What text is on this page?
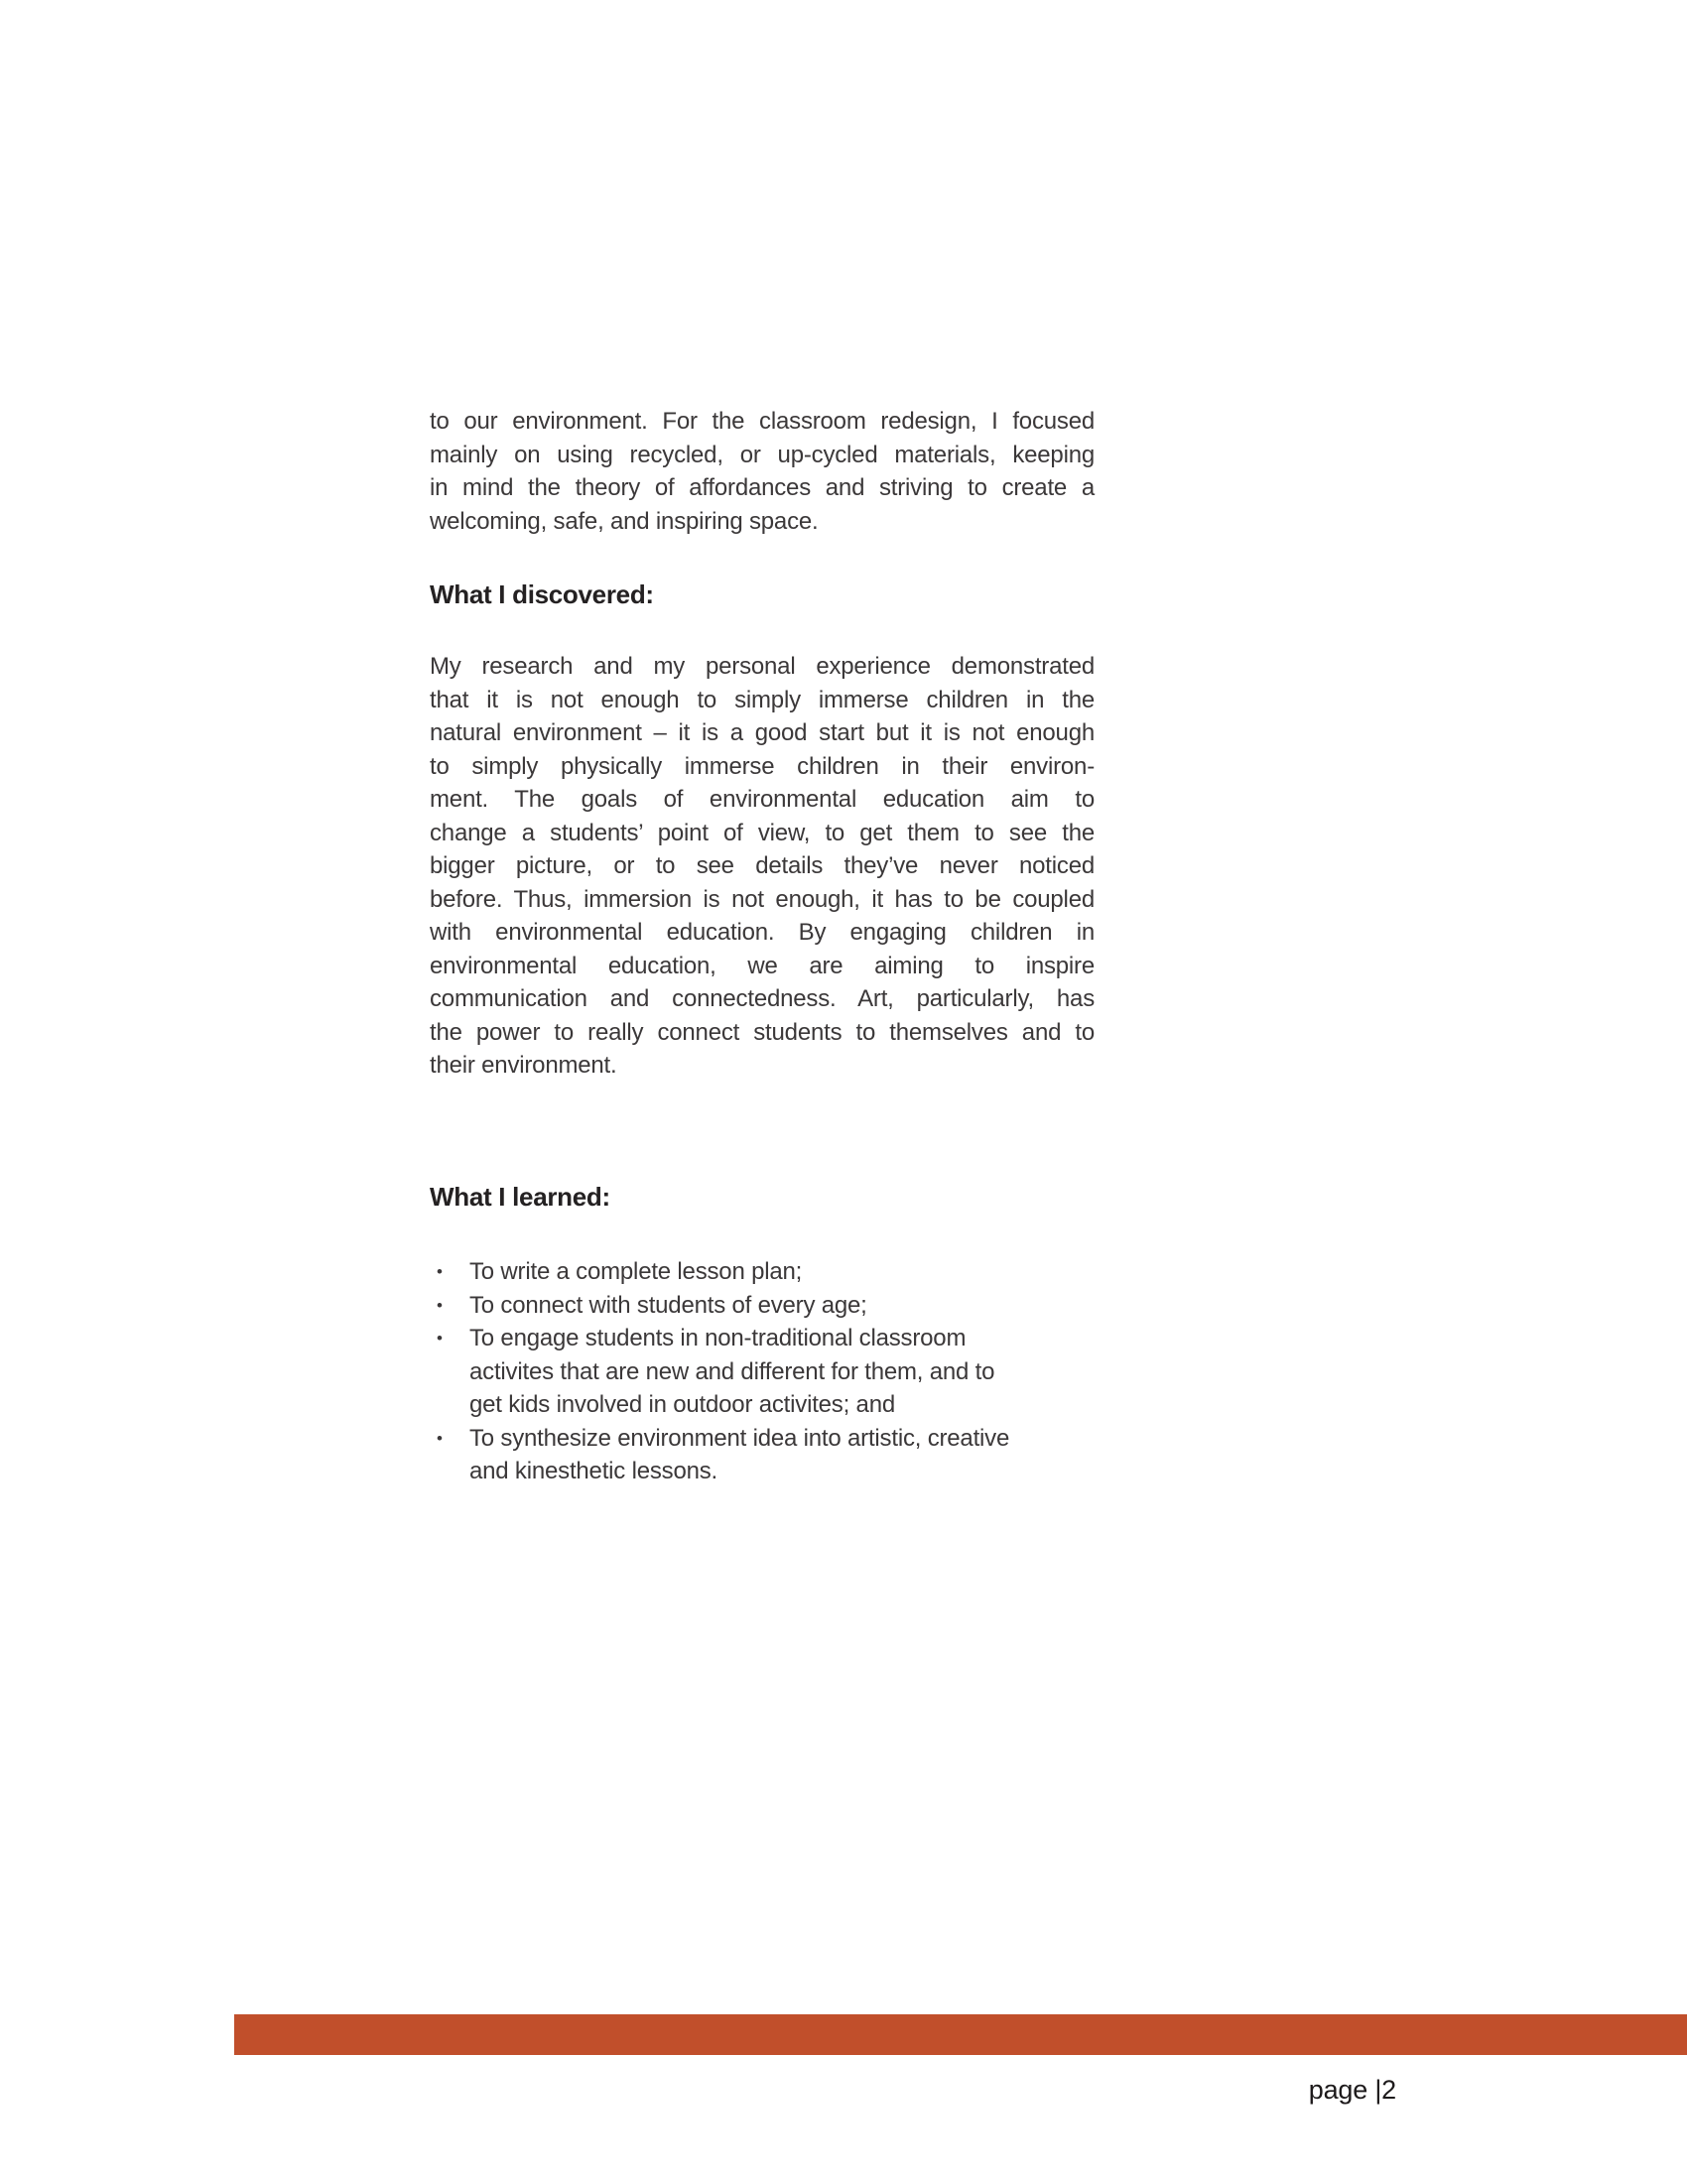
to our environment. For the classroom redesign, I focused
mainly on using recycled, or up-cycled materials, keeping
in mind the theory of affordances and striving to create a
welcoming, safe, and inspiring space.
What I discovered:
My research and my personal experience demonstrated
that it is not enough to simply immerse children in the
natural environment – it is a good start but it is not enough
to simply physically immerse children in their environ-
ment. The goals of environmental education aim to
change a students’ point of view, to get them to see the
bigger picture, or to see details they’ve never noticed
before. Thus, immersion is not enough, it has to be coupled
with environmental education. By engaging children in
environmental education, we are aiming to inspire
communication and connectedness. Art, particularly, has
the power to really connect students to themselves and to
their environment.
What I learned:
•	To write a complete lesson plan;
•	To connect with students of every age;
•	To engage students in non-traditional classroom
activites that are new and different for them, and to
get kids involved in outdoor activites; and
•	To synthesize environment idea into artistic, creative
and kinesthetic lessons.
page |2
